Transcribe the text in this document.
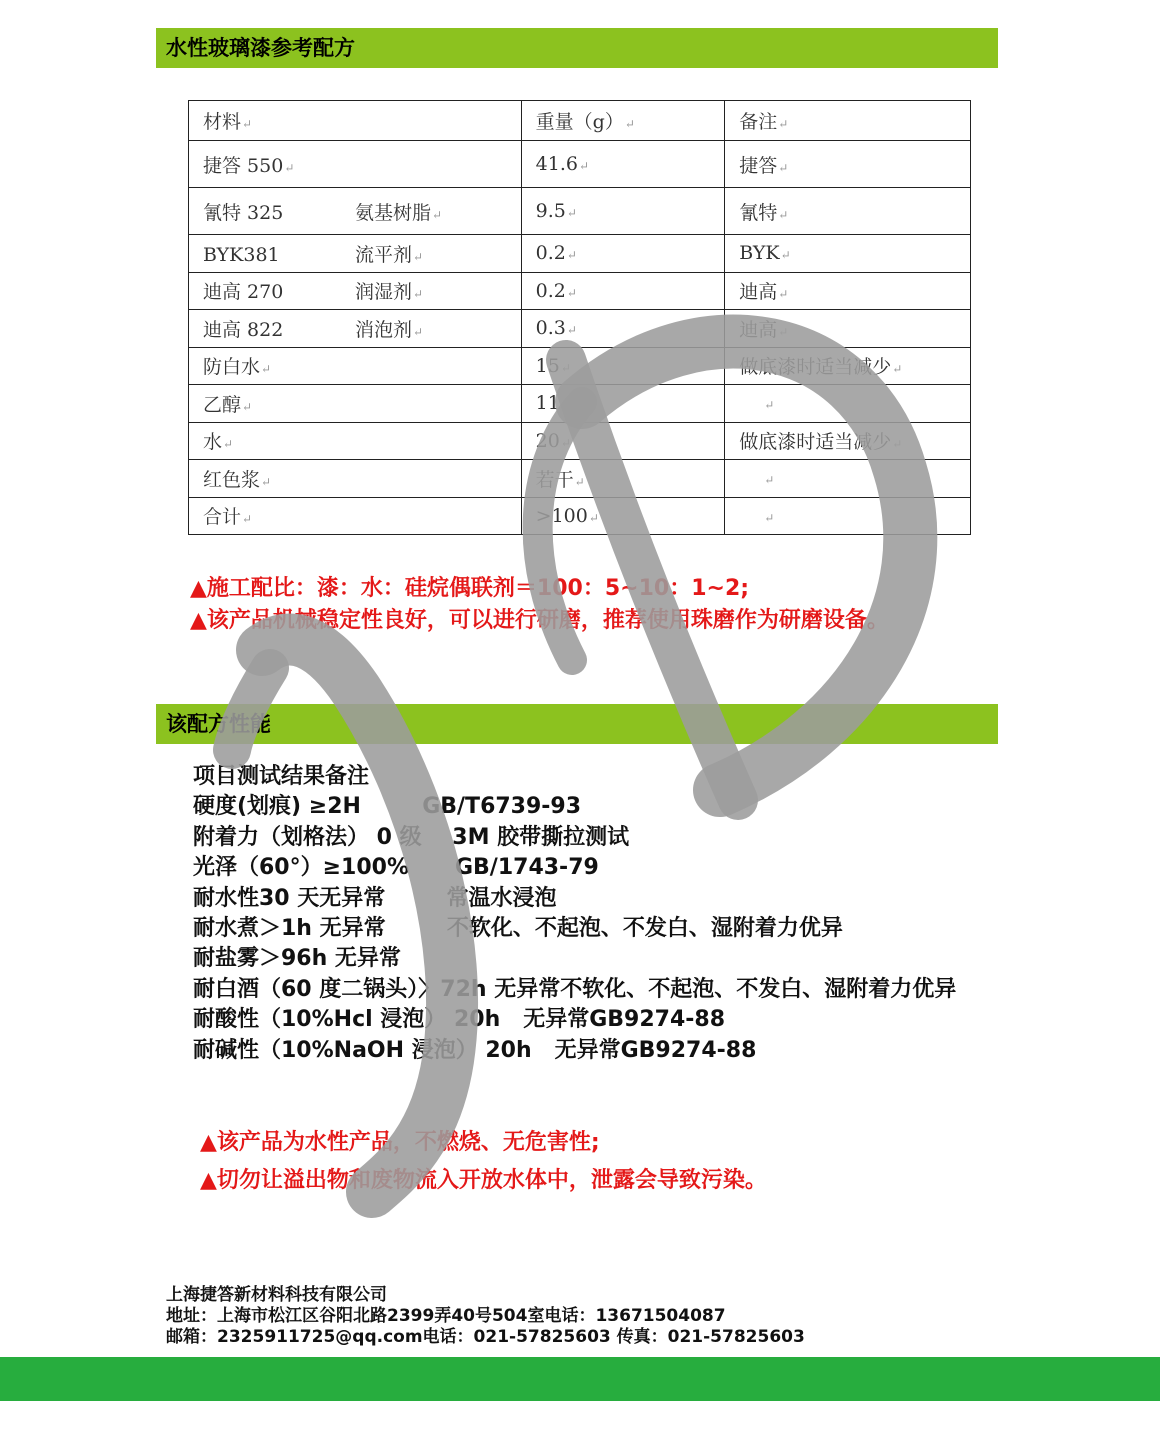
水性玻璃漆参考配方
材料↵	重量（g）↵	备注↵
捷答 550↵	41.6↵	捷答↵
氰特 325 氨基树脂↵	9.5↵	氰特↵
BYK381 流平剂↵	0.2↵	BYK↵
迪高 270 润湿剂↵	0.2↵	迪高↵
迪高 822 消泡剂↵	0.3↵	迪高↵
防白水↵	15↵	做底漆时适当减少↵
乙醇↵	11.8↵	↵
水↵	20↵	做底漆时适当减少↵
红色浆↵	若干↵	↵
合计↵	>100↵	↵

▲施工配比：漆：水：硅烷偶联剂＝100：5~10：1~2;

▲该产品机械稳定性良好，可以进行研磨，推荐使用珠磨作为研磨设备。

该配方性能

项目测试结果备注

硬度(划痕) ≥2H        GB/T6739-93

附着力（划格法） 0 级    3M 胶带撕拉测试

光泽（60°）≥100%      GB/1743-79

耐水性30 天无异常        常温水浸泡

耐水煮＞1h 无异常        不软化、不起泡、不发白、湿附着力优异

耐盐雾＞96h 无异常

耐白酒（60 度二锅头）〉72h 无异常不软化、不起泡、不发白、湿附着力优异

耐酸性（10%Hcl 浸泡） 20h   无异常GB9274-88

耐碱性（10%NaOH 浸泡） 20h   无异常GB9274-88

▲该产品为水性产品，不燃烧、无危害性;

▲切勿让溢出物和废物流入开放水体中，泄露会导致污染。

上海捷答新材料科技有限公司

地址：上海市松江区谷阳北路2399弄40号504室电话：13671504087

邮箱：2325911725@qq.com电话：021-57825603 传真：021-57825603
